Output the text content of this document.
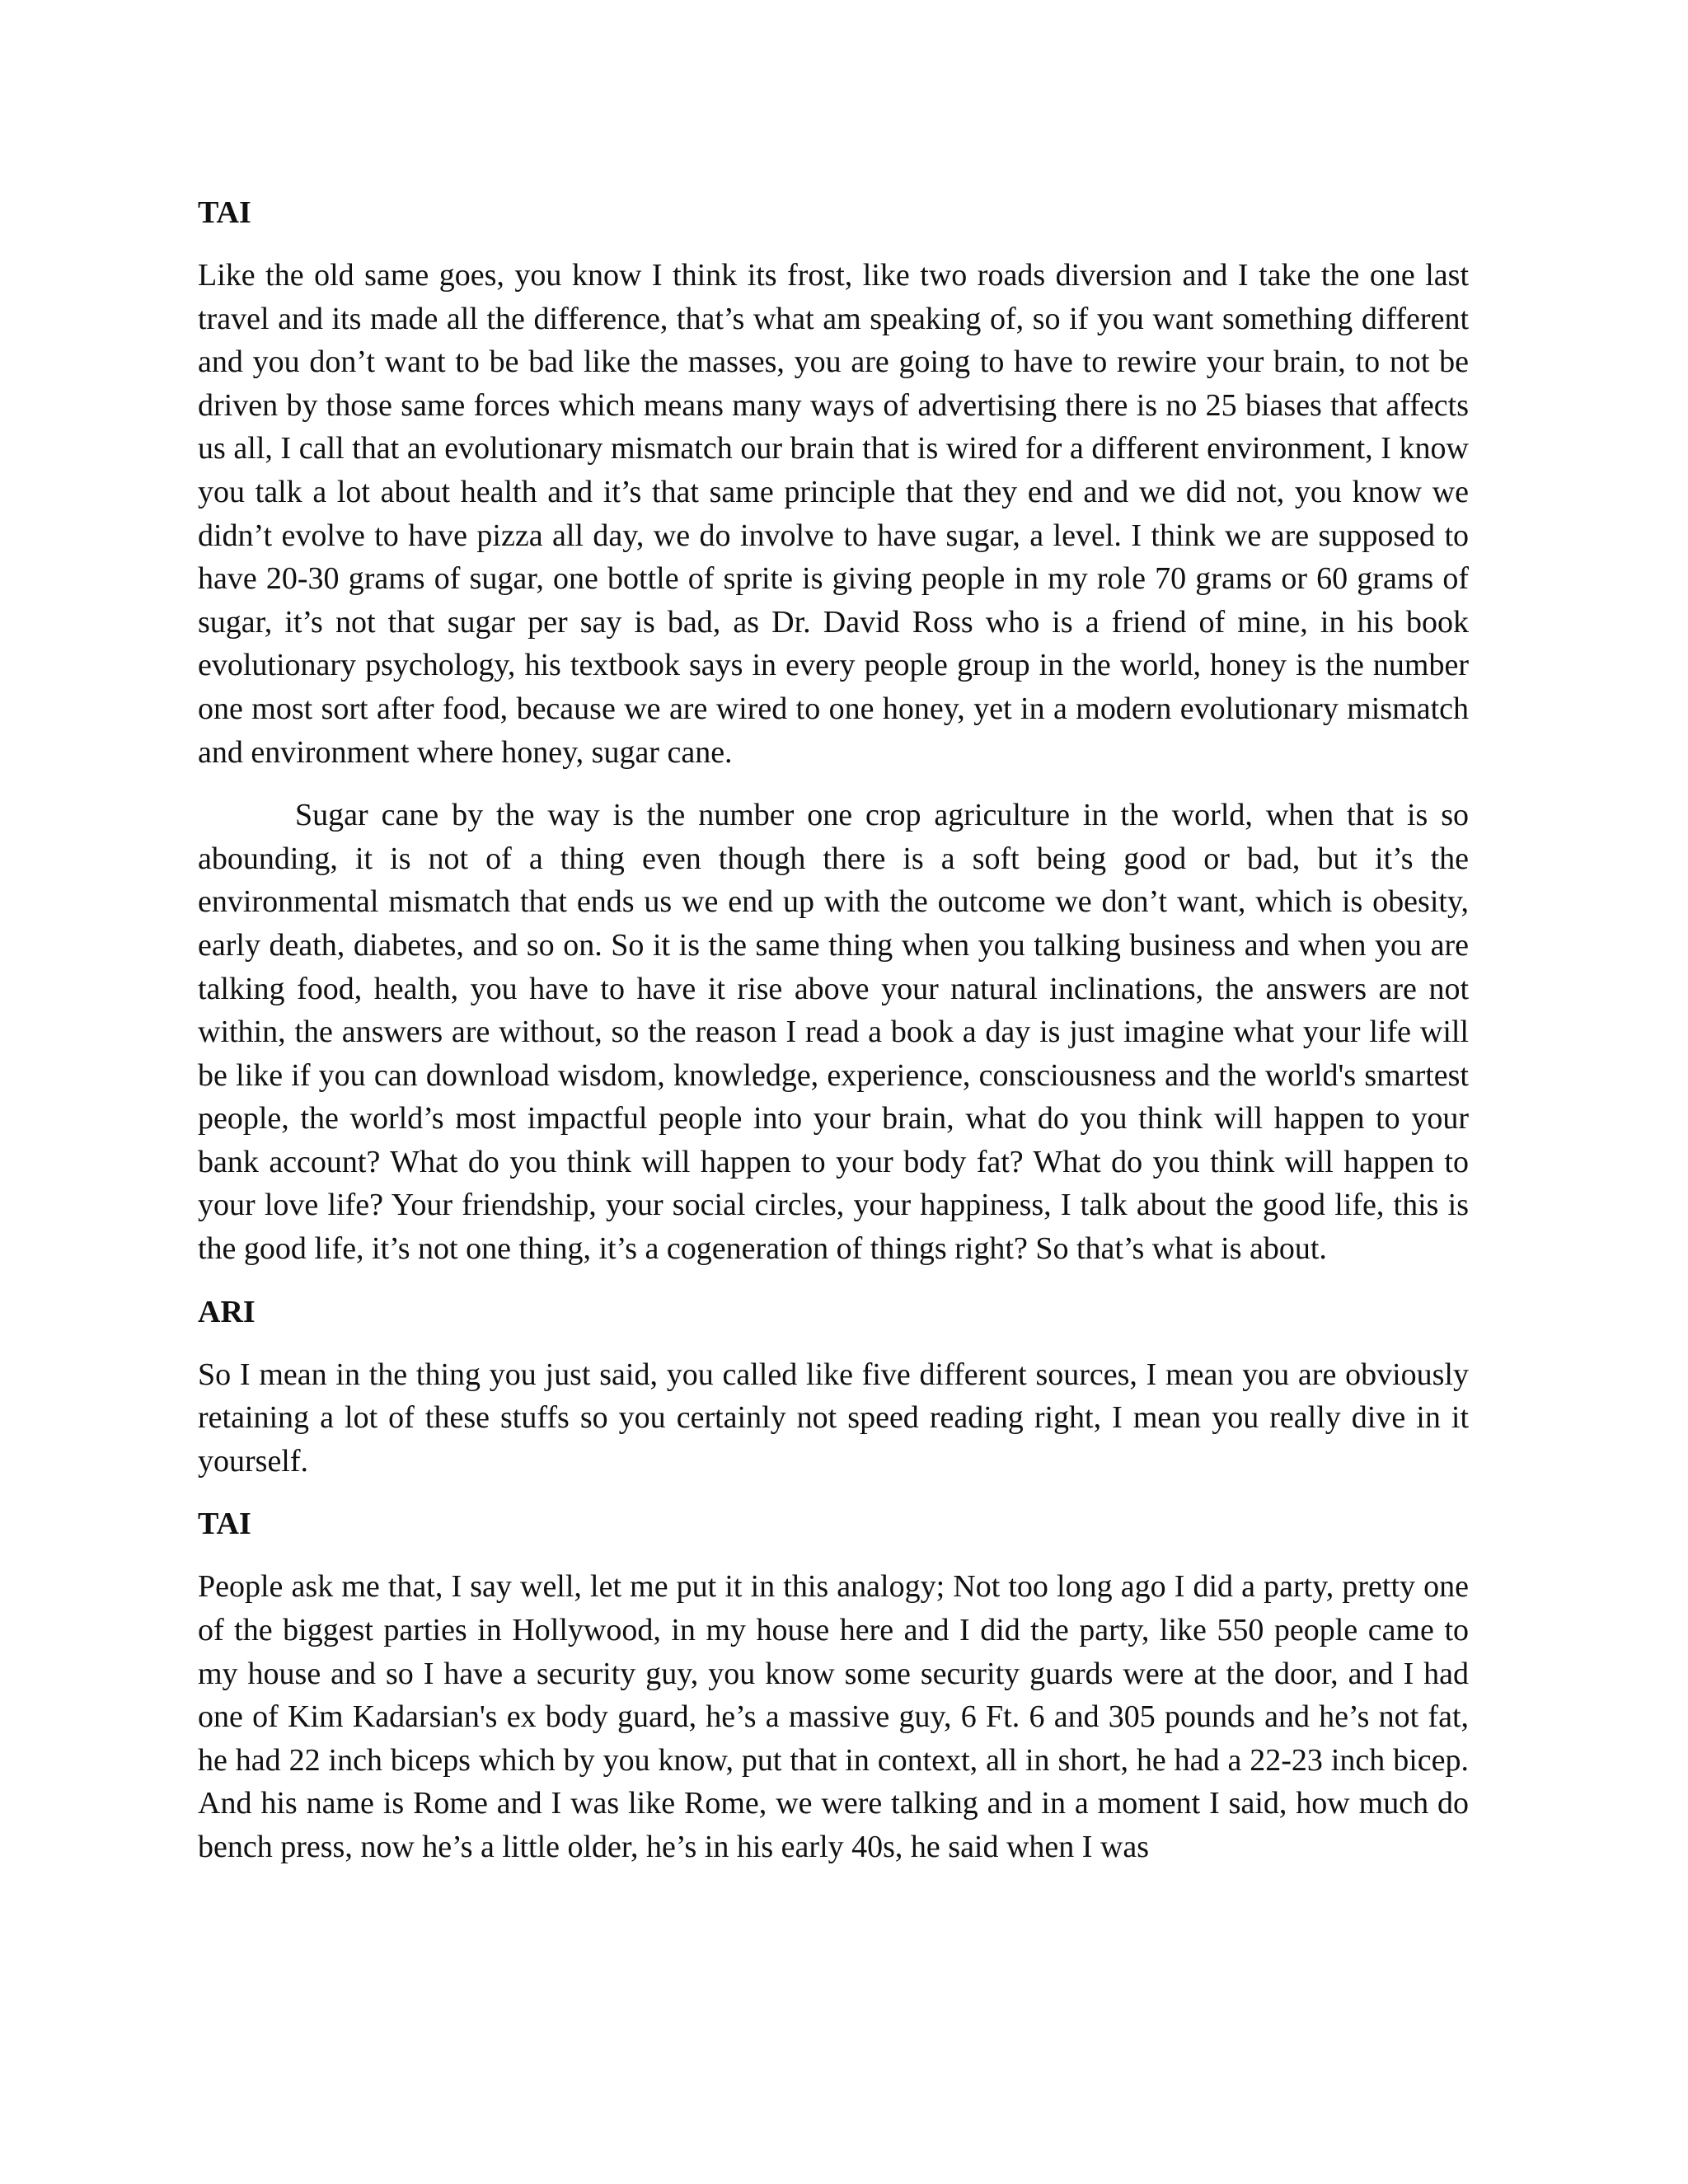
TAI

Like the old same goes, you know I think its frost, like two roads diversion and I take the one last travel and its made all the difference, that’s what am speaking of, so if you want something different and you don’t want to be bad like the masses, you are going to have to rewire your brain, to not be driven by those same forces which means many ways of advertising there is no 25 biases that affects us all, I call that an evolutionary mismatch our brain that is wired for a different environment, I know you talk a lot about health and it’s that same principle that they end and we did not, you know we didn’t evolve to have pizza all day, we do involve to have sugar, a level. I think we are supposed to have 20-30 grams of sugar, one bottle of sprite is giving people in my role 70 grams or 60 grams of sugar, it’s not that sugar per say is bad, as Dr. David Ross who is a friend of mine, in his book evolutionary psychology, his textbook says in every people group in the world, honey is the number one most sort after food, because we are wired to one honey, yet in a modern evolutionary mismatch and environment where honey, sugar cane.

Sugar cane by the way is the number one crop agriculture in the world, when that is so abounding, it is not of a thing even though there is a soft being good or bad, but it’s the environmental mismatch that ends us we end up with the outcome we don’t want, which is obesity, early death, diabetes, and so on. So it is the same thing when you talking business and when you are talking food, health, you have to have it rise above your natural inclinations, the answers are not within, the answers are without, so the reason I read a book a day is just imagine what your life will be like if you can download wisdom, knowledge, experience, consciousness and the world's smartest people, the world’s most impactful people into your brain, what do you think will happen to your bank account? What do you think will happen to your body fat? What do you think will happen to your love life? Your friendship, your social circles, your happiness, I talk about the good life, this is the good life, it’s not one thing, it’s a cogeneration of things right? So that’s what is about.

ARI

So I mean in the thing you just said, you called like five different sources, I mean you are obviously retaining a lot of these stuffs so you certainly not speed reading right, I mean you really dive in it yourself.

TAI

People ask me that, I say well, let me put it in this analogy; Not too long ago I did a party, pretty one of the biggest parties in Hollywood, in my house here and I did the party, like 550 people came to my house and so I have a security guy, you know some security guards were at the door, and I had one of Kim Kadarsian's ex body guard, he’s a massive guy, 6 Ft. 6 and 305 pounds and he’s not fat, he had 22 inch biceps which by you know, put that in context, all in short, he had a 22-23 inch bicep. And his name is Rome and I was like Rome, we were talking and in a moment I said, how much do bench press, now he’s a little older, he’s in his early 40s, he said when I was
